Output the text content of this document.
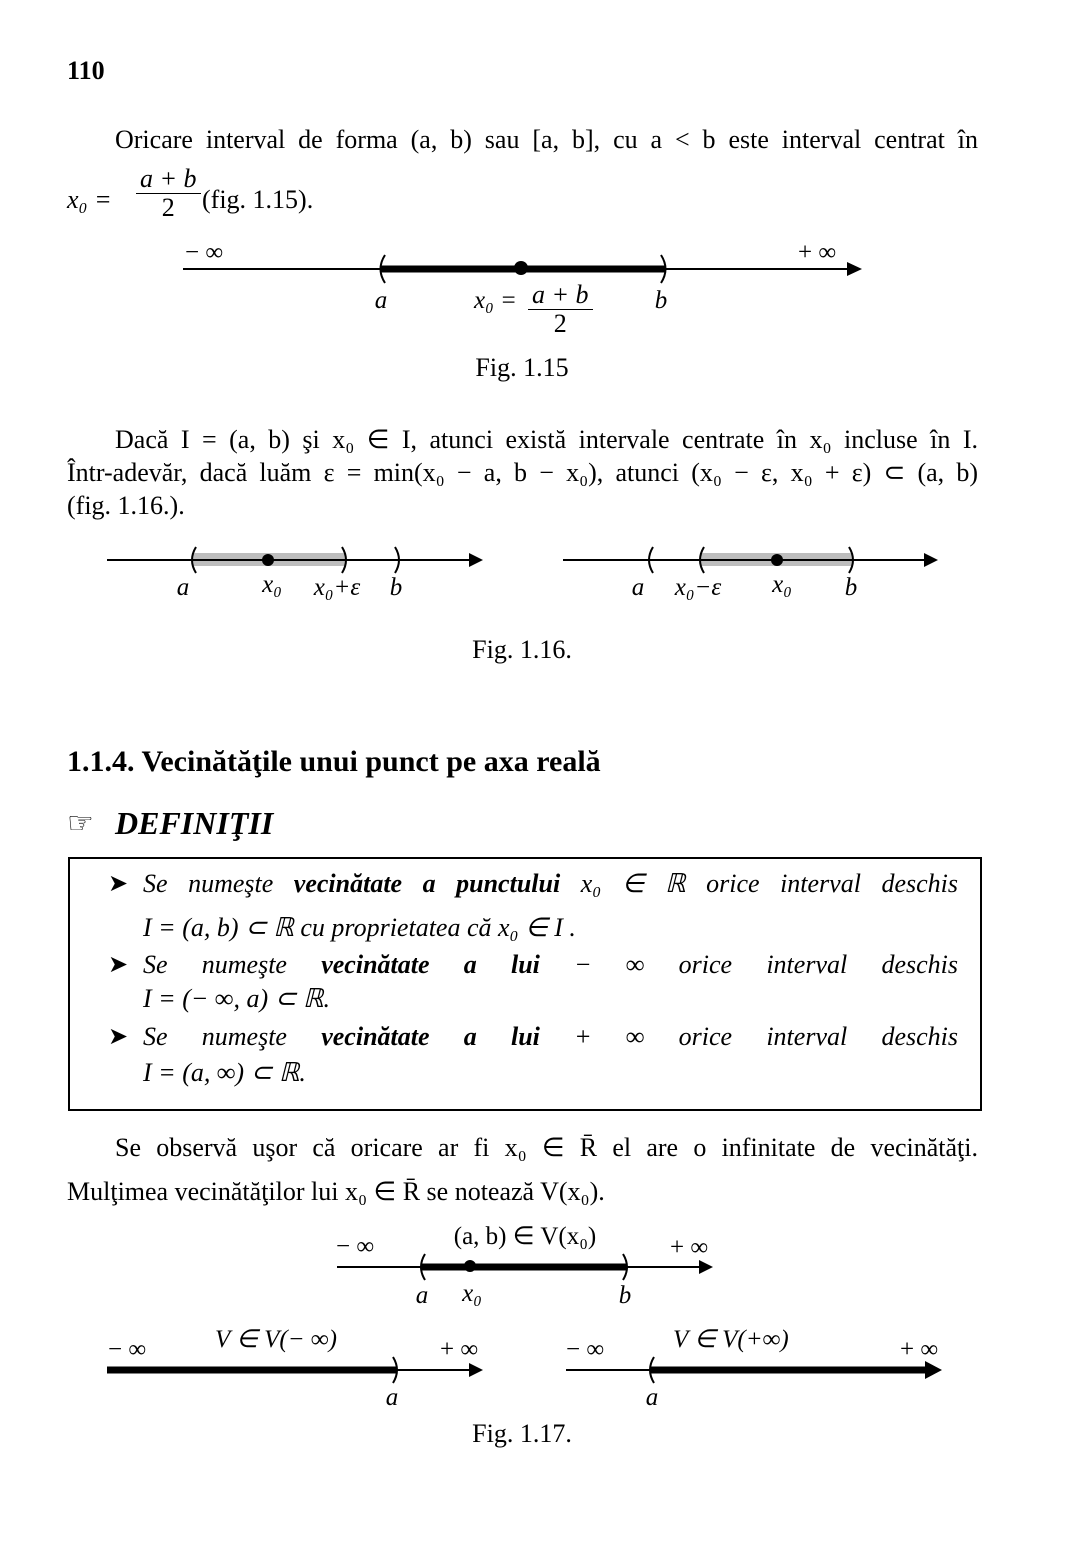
110
Oricare interval de forma (a, b) sau [a, b], cu a < b este interval centrat în
$x_0 = \frac{a + b}{2} (fig$. 1.15).
− ∞	+ ∞
a	$x_0 = \frac{a + b}{2}$ b
Fig. 1.15
Dacă I = (a, b) şi x₀ ∈ I, atunci există intervale centrate în x₀ incluse în I.
Într-adevăr, dacă luăm ε = min(x₀ − a, b − x₀), atunci (x₀ − ε, x₀ + ε) ⊂ (a, b)
(fig. 1.16.).
a	x₀ x₀+ε b	a x₀−ε x₀ b
Fig. 1.16.
1.1.4. Vecinătăţile unui punct pe axa reală
☞ DEFINIŢII
➤ Se numeşte vecinătate a punctului x₀ ∈ ℝ orice interval deschis
I = (a, b) ⊂ ℝ cu proprietatea că x₀ ∈ I .
➤ Se numeşte vecinătate a lui − ∞ orice interval deschis
I = (− ∞, a) ⊂ ℝ.
➤ Se numeşte vecinătate a lui + ∞ orice interval deschis
I = (a, ∞) ⊂ ℝ.
Se observă uşor că oricare ar fi x₀ ∈ R̄ el are o infinitate de vecinătăţi.
Mulţimea vecinătăţilor lui x₀ ∈ R̄ se notează V(x₀).
− ∞	(a, b) ∈ V(x₀)	+ ∞
a x₀	b
− ∞	V ∈ V(− ∞)	+ ∞
a
− ∞	V ∈ V(+∞)	+ ∞
a
Fig. 1.17.
